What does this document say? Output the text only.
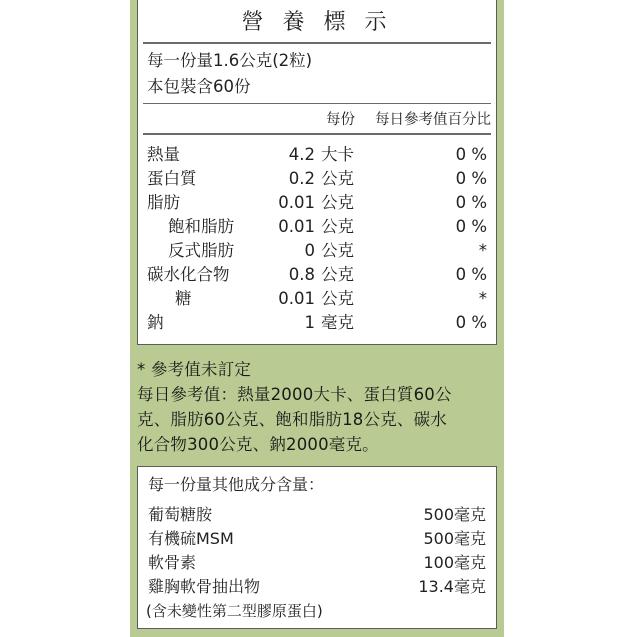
營 養 標 示
每一份量1.6公克(2粒)
本包裝含60份
每份 每日參考值百分比
熱量	4.2 大卡	0 %
蛋白質	0.2 公克	0 %
脂肪	0.01 公克	0 %
飽和脂肪	0.01 公克	0 %
反式脂肪	0 公克	*
碳水化合物	0.8 公克	0 %
糖	0.01 公克	*
鈉	1 毫克	0 %
* 參考值未訂定
每日參考值：熱量2000大卡、蛋白質60公
克、脂肪60公克、飽和脂肪18公克、碳水
化合物300公克、鈉2000毫克。
每一份量其他成分含量：
葡萄糖胺	500毫克
有機硫MSM	500毫克
軟骨素	100毫克
雞胸軟骨抽出物	13.4毫克
(含未變性第二型膠原蛋白)
